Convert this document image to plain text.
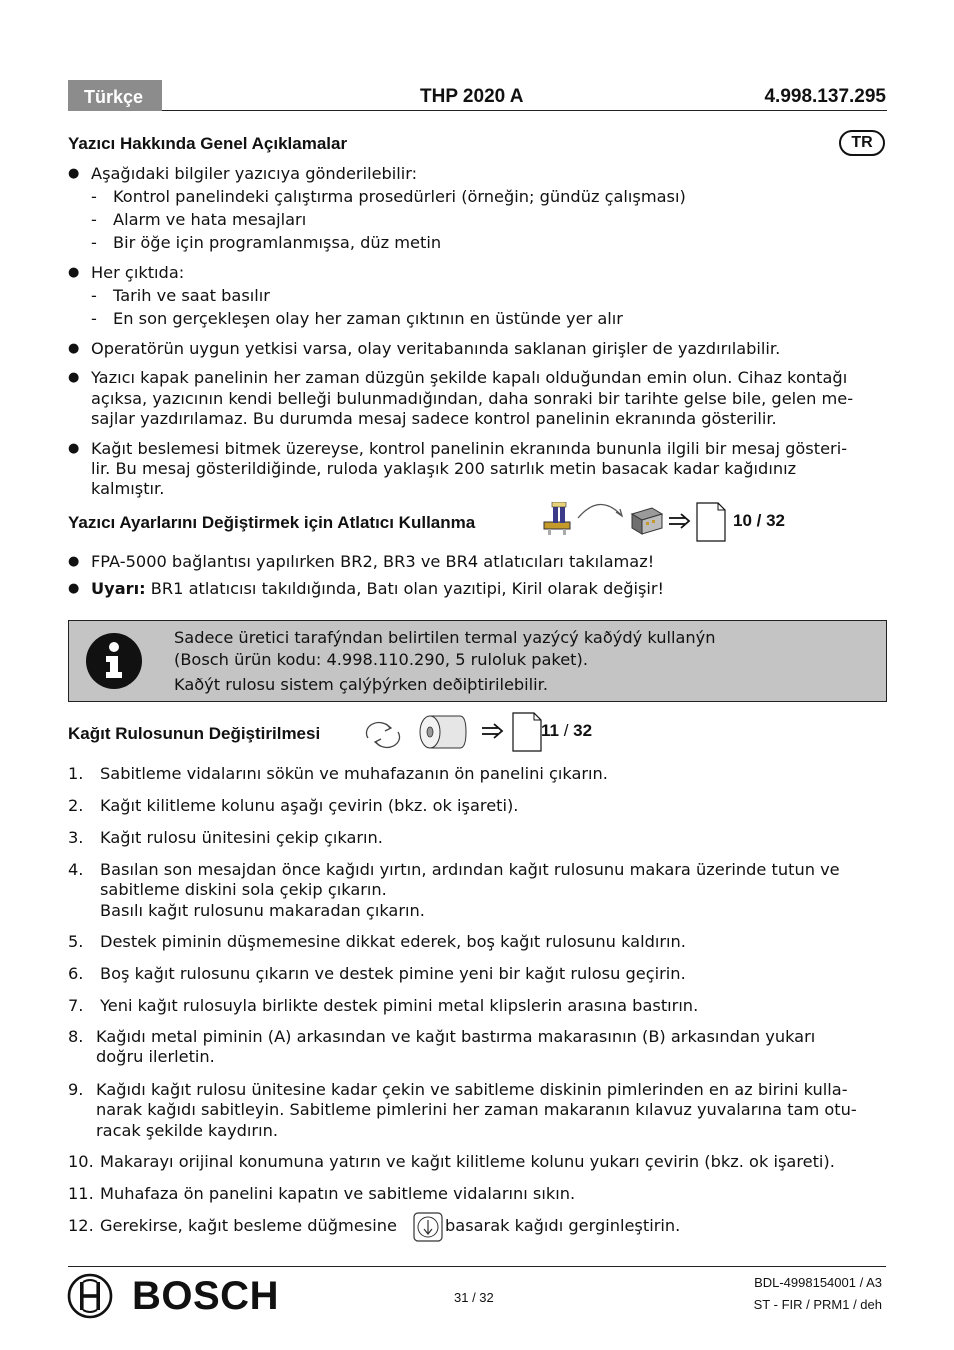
Türkçe	THP 2020 A	4.998.137.295
Yazıcı Hakkında Genel Açıklamalar	TR
● Aşağıdaki bilgiler yazıcıya gönderilebilir:
- Kontrol panelindeki çalıştırma prosedürleri (örneğin; gündüz çalışması)
- Alarm ve hata mesajları
- Bir öğe için programlanmışsa, düz metin
● Her çıktıda:
- Tarih ve saat basılır
- En son gerçekleşen olay her zaman çıktının en üstünde yer alır
● Operatörün uygun yetkisi varsa, olay veritabanında saklanan girişler de yazdırılabilir.
● Yazıcı kapak panelinin her zaman düzgün şekilde kapalı olduğundan emin olun. Cihaz kontağı
açıksa, yazıcının kendi belleği bulunmadığından, daha sonraki bir tarihte gelse bile, gelen me-
sajlar yazdırılamaz. Bu durumda mesaj sadece kontrol panelinin ekranında gösterilir.
● Kağıt beslemesi bitmek üzereyse, kontrol panelinin ekranında bununla ilgili bir mesaj gösteri-
lir. Bu mesaj gösterildiğinde, ruloda yaklaşık 200 satırlık metin basacak kadar kağıdınız
kalmıştır.
Yazıcı Ayarlarını Değiştirmek için Atlatıcı Kullanma	10 / 32
● FPA-5000 bağlantısı yapılırken BR2, BR3 ve BR4 atlatıcıları takılamaz!
● Uyarı: BR1 atlatıcısı takıldığında, Batı olan yazıtipi, Kiril olarak değişir!
Sadece üretici tarafýndan belirtilen termal yazýcý kaðýdý kullanýn
(Bosch ürün kodu: 4.998.110.290, 5 ruloluk paket).
Kaðýt rulosu sistem çalýþýrken deðiþtirilebilir.
Kağıt Rulosunun Değiştirilmesi	11 / 32
1. Sabitleme vidalarını sökün ve muhafazanın ön panelini çıkarın.
2. Kağıt kilitleme kolunu aşağı çevirin (bkz. ok işareti).
3. Kağıt rulosu ünitesini çekip çıkarın.
4. Basılan son mesajdan önce kağıdı yırtın, ardından kağıt rulosunu makara üzerinde tutun ve
sabitleme diskini sola çekip çıkarın.
Basılı kağıt rulosunu makaradan çıkarın.
5. Destek piminin düşmemesine dikkat ederek, boş kağıt rulosunu kaldırın.
6. Boş kağıt rulosunu çıkarın ve destek pimine yeni bir kağıt rulosu geçirin.
7. Yeni kağıt rulosuyla birlikte destek pimini metal klipslerin arasına bastırın.
8. Kağıdı metal piminin (A) arkasından ve kağıt bastırma makarasının (B) arkasından yukarı
doğru ilerletin.
9. Kağıdı kağıt rulosu ünitesine kadar çekin ve sabitleme diskinin pimlerinden en az birini kulla-
narak kağıdı sabitleyin. Sabitleme pimlerini her zaman makaranın kılavuz yuvalarına tam otu-
racak şekilde kaydırın.
10. Makarayı orijinal konumuna yatırın ve kağıt kilitleme kolunu yukarı çevirin (bkz. ok işareti).
11. Muhafaza ön panelini kapatın ve sabitleme vidalarını sıkın.
12. Gerekirse, kağıt besleme düğmesine	basarak kağıdı gerginleştirin.
BOSCH	31 / 32
BDL-4998154001 / A3
ST - FIR / PRM1 / deh
